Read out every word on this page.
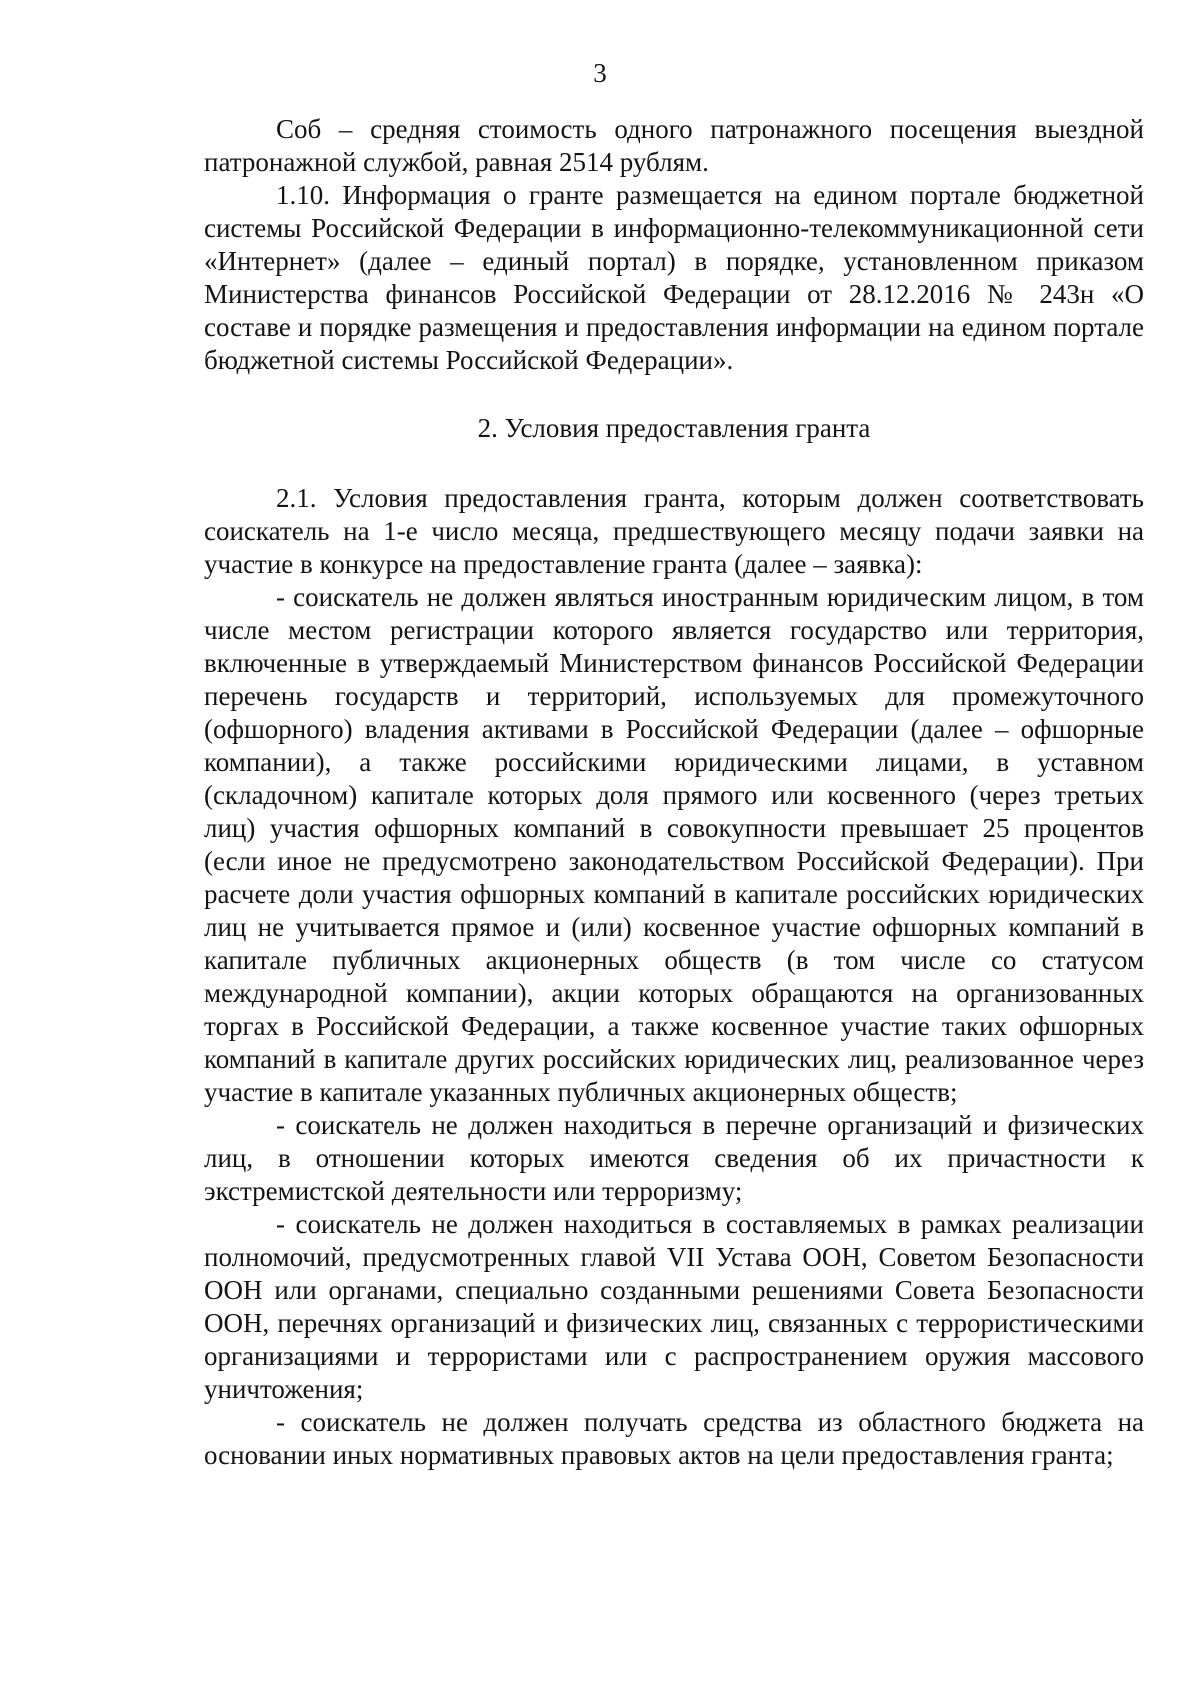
3

Соб – средняя стоимость одного патронажного посещения выездной патронажной службой, равная 2514 рублям.

1.10. Информация о гранте размещается на едином портале бюджетной системы Российской Федерации в информационно-телекоммуникационной сети «Интернет» (далее – единый портал) в порядке, установленном приказом Министерства финансов Российской Федерации от 28.12.2016 № 243н «О составе и порядке размещения и предоставления информации на едином портале бюджетной системы Российской Федерации».

2. Условия предоставления гранта

2.1. Условия предоставления гранта, которым должен соответствовать соискатель на 1-е число месяца, предшествующего месяцу подачи заявки на участие в конкурсе на предоставление гранта (далее – заявка):

- соискатель не должен являться иностранным юридическим лицом, в том числе местом регистрации которого является государство или территория, включенные в утверждаемый Министерством финансов Российской Федерации перечень государств и территорий, используемых для промежуточного (офшорного) владения активами в Российской Федерации (далее – офшорные компании), а также российскими юридическими лицами, в уставном (складочном) капитале которых доля прямого или косвенного (через третьих лиц) участия офшорных компаний в совокупности превышает 25 процентов (если иное не предусмотрено законодательством Российской Федерации). При расчете доли участия офшорных компаний в капитале российских юридических лиц не учитывается прямое и (или) косвенное участие офшорных компаний в капитале публичных акционерных обществ (в том числе со статусом международной компании), акции которых обращаются на организованных торгах в Российской Федерации, а также косвенное участие таких офшорных компаний в капитале других российских юридических лиц, реализованное через участие в капитале указанных публичных акционерных обществ;

- соискатель не должен находиться в перечне организаций и физических лиц, в отношении которых имеются сведения об их причастности к экстремистской деятельности или терроризму;

- соискатель не должен находиться в составляемых в рамках реализации полномочий, предусмотренных главой VII Устава ООН, Советом Безопасности ООН или органами, специально созданными решениями Совета Безопасности ООН, перечнях организаций и физических лиц, связанных с террористическими организациями и террористами или с распространением оружия массового уничтожения;

- соискатель не должен получать средства из областного бюджета на основании иных нормативных правовых актов на цели предоставления гранта;
